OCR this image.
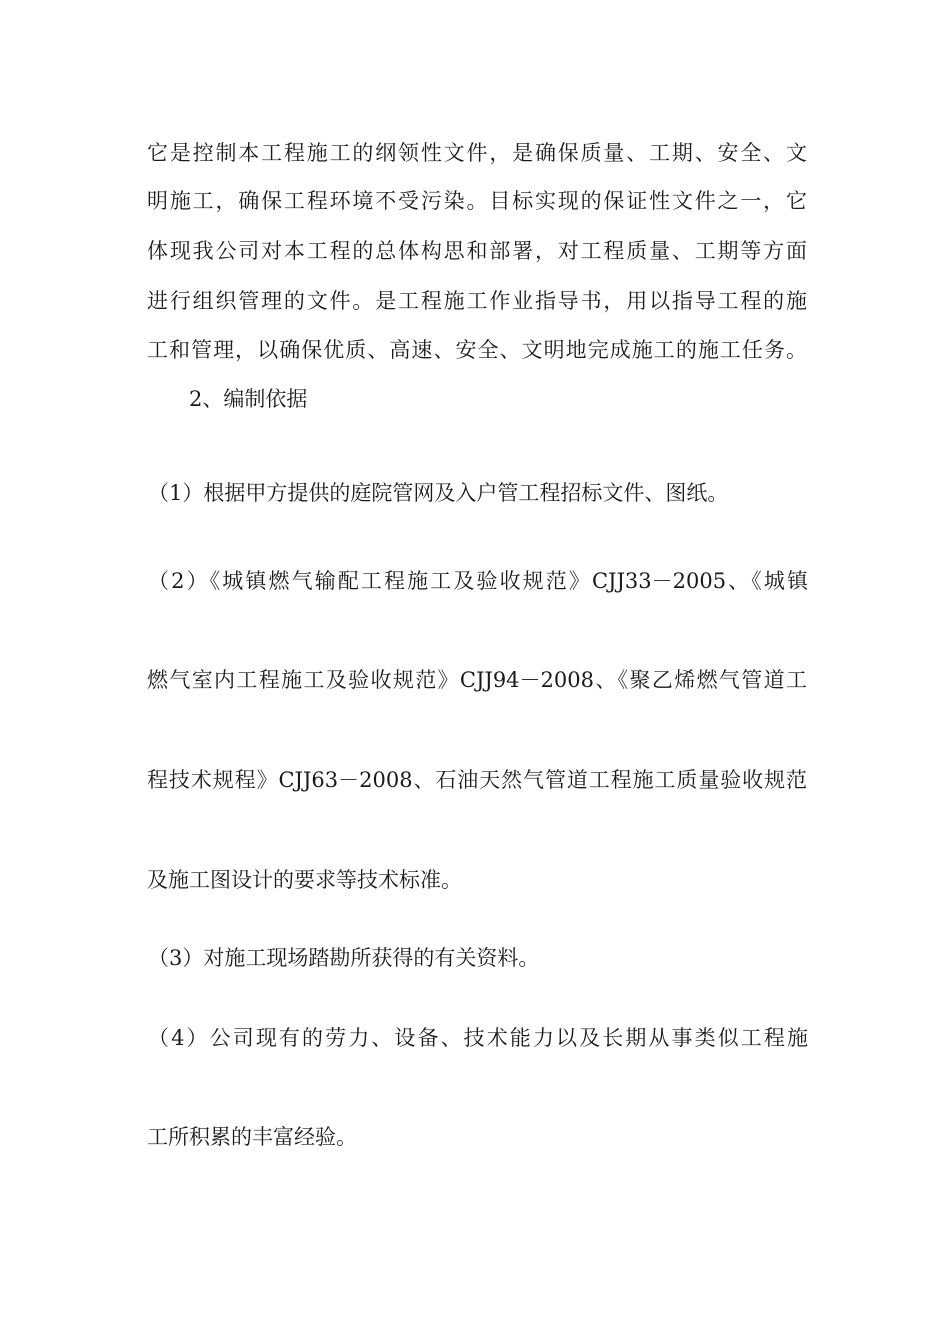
它是控制本工程施工的纲领性文件，是确保质量、工期、安全、文
明施工，确保工程环境不受污染。目标实现的保证性文件之一，它
体现我公司对本工程的总体构思和部署，对工程质量、工期等方面
进行组织管理的文件。是工程施工作业指导书，用以指导工程的施
工和管理，以确保优质、高速、安全、文明地完成施工的施工任务。
2、编制依据
（1）根据甲方提供的庭院管网及入户管工程招标文件、图纸。
（2）《城镇燃气输配工程施工及验收规范》CJJ33－2005、《城镇
燃气室内工程施工及验收规范》CJJ94－2008、《聚乙烯燃气管道工
程技术规程》CJJ63－2008、石油天然气管道工程施工质量验收规范
及施工图设计的要求等技术标准。
（3）对施工现场踏勘所获得的有关资料。
（4）公司现有的劳力、设备、技术能力以及长期从事类似工程施
工所积累的丰富经验。
